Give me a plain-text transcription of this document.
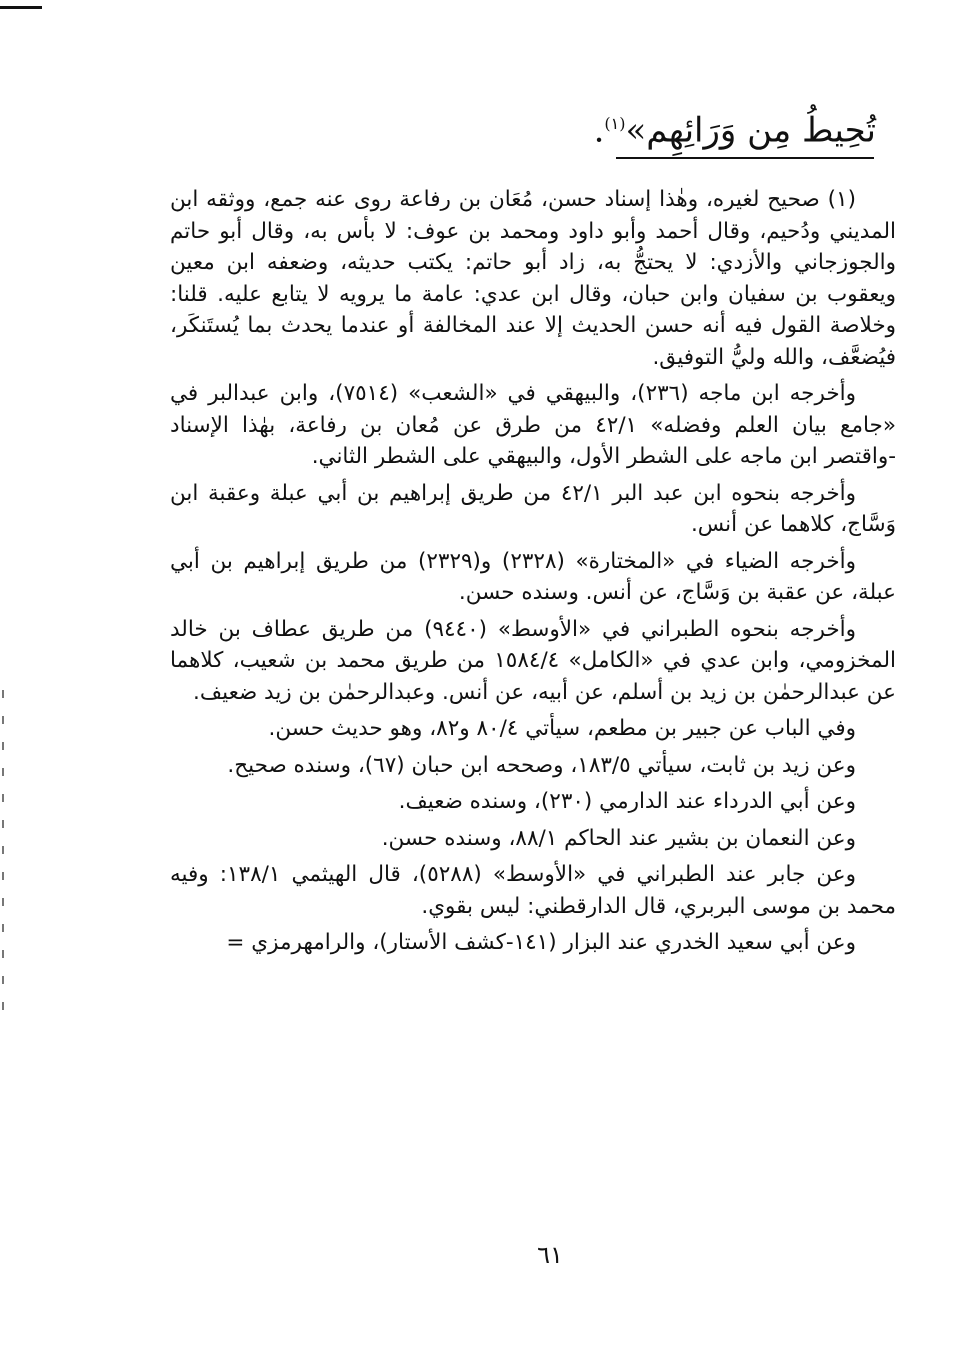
تُحِيطُ مِن وَرَائِهِم»$^{(١)}$.

(١) صحيح لغيره، وهٰذا إسناد حسن، مُعَان بن رفاعة روى عنه جمع، ووثقه ابن المديني ودُحيم، وقال أحمد وأبو داود ومحمد بن عوف: لا بأس به، وقال أبو حاتم والجوزجاني والأزدي: لا يحتجُّ به، زاد أبو حاتم: يكتب حديثه، وضعفه ابن معين ويعقوب بن سفيان وابن حبان، وقال ابن عدي: عامة ما يرويه لا يتابع عليه. قلنا: وخلاصة القول فيه أنه حسن الحديث إلا عند المخالفة أو عندما يحدث بما يُستَنكَر، فيُضعَّف، والله وليُّ التوفيق.

وأخرجه ابن ماجه (٢٣٦)، والبيهقي في «الشعب» (٧٥١٤)، وابن عبدالبر في «جامع بيان العلم وفضله» ٤٢/١ من طرق عن مُعان بن رفاعة، بهٰذا الإسناد -واقتصر ابن ماجه على الشطر الأول، والبيهقي على الشطر الثاني.

وأخرجه بنحوه ابن عبد البر ٤٢/١ من طريق إبراهيم بن أبي عبلة وعقبة ابن وَسَّاج، كلاهما عن أنس.

وأخرجه الضياء في «المختارة» (٢٣٢٨) و(٢٣٢٩) من طريق إبراهيم بن أبي عبلة، عن عقبة بن وَسَّاج، عن أنس. وسنده حسن.

وأخرجه بنحوه الطبراني في «الأوسط» (٩٤٤٠) من طريق عطاف بن خالد المخزومي، وابن عدي في «الكامل» ١٥٨٤/٤ من طريق محمد بن شعيب، كلاهما عن عبدالرحمٰن بن زيد بن أسلم، عن أبيه، عن أنس. وعبدالرحمٰن بن زيد ضعيف.

وفي الباب عن جبير بن مطعم، سيأتي ٨٠/٤ و٨٢، وهو حديث حسن.

وعن زيد بن ثابت، سيأتي ١٨٣/٥، وصححه ابن حبان (٦٧)، وسنده صحيح.

وعن أبي الدرداء عند الدارمي (٢٣٠)، وسنده ضعيف.

وعن النعمان بن بشير عند الحاكم ٨٨/١، وسنده حسن.

وعن جابر عند الطبراني في «الأوسط» (٥٢٨٨)، قال الهيثمي ١٣٨/١: وفيه محمد بن موسى البربري، قال الدارقطني: ليس بقوي.

وعن أبي سعيد الخدري عند البزار (١٤١-كشف الأستار)، والرامهرمزي =

٦١
